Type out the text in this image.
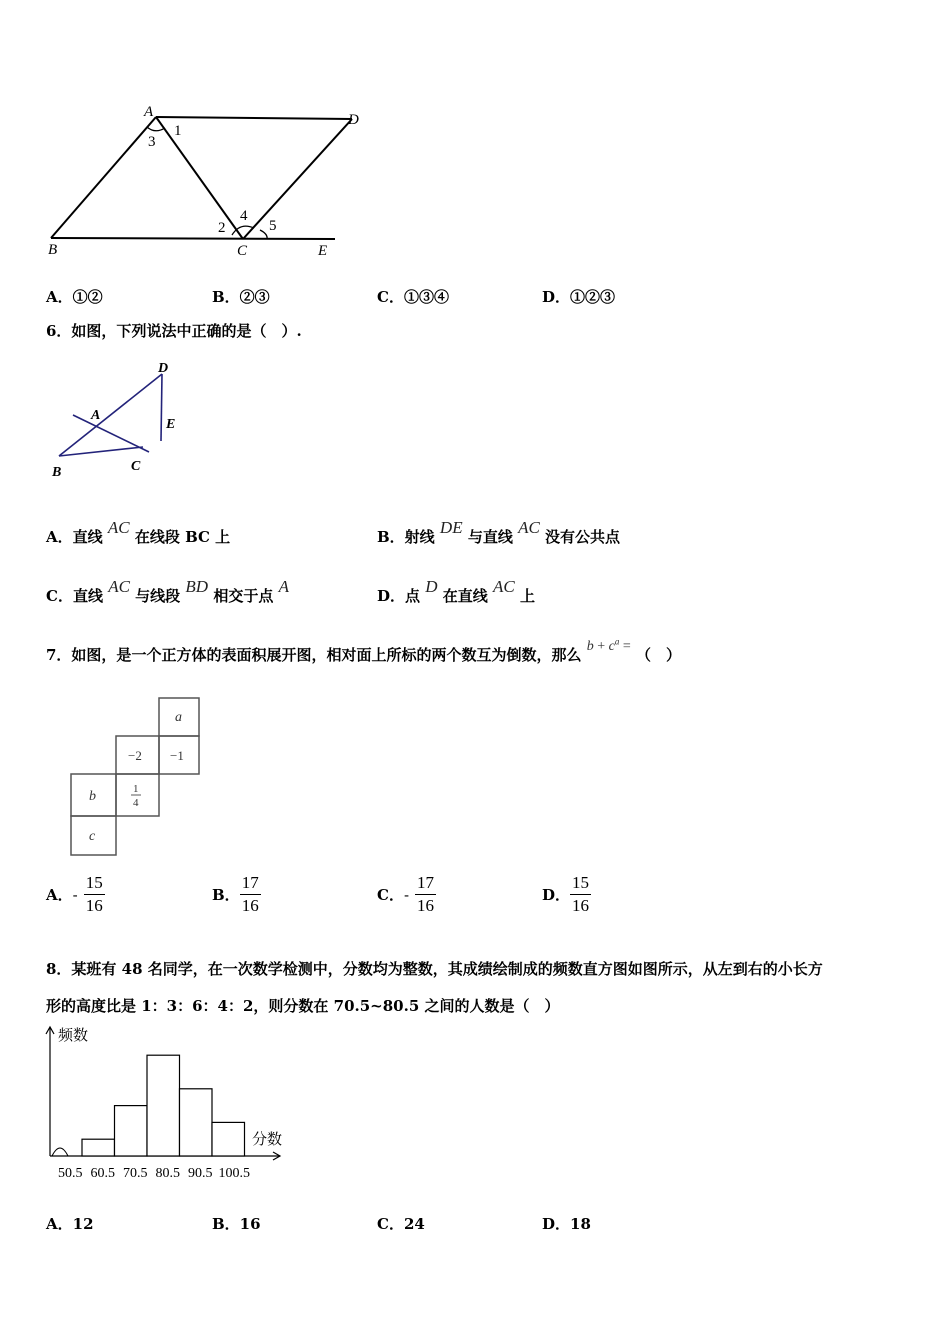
A	D
B	C	E
1
2
3
4
5
A．①②	B．②③	C．①③④	D．①②③
6．如图，下列说法中正确的是（　）.
D
A
E
B	C
A．直线 AC 在线段 BC 上	B．射线 DE 与直线 AC 没有公共点
C．直线 AC 与线段 BD 相交于点 A	D．点 D 在直线 AC 上
7．如图，是一个正方体的表面积展开图，相对面上所标的两个数互为倒数，那么 $b + c^a$ = （　）
a
−2 −1
b	1
4
c
A．- $\frac{15}{16}$	B． $\frac{17}{16}$	C．- $\frac{17}{16}$	D． $\frac{15}{16}$
8．某班有 48 名同学，在一次数学检测中，分数均为整数，其成绩绘制成的频数直方图如图所示，从左到右的小长方
形的高度比是 1：3：6：4：2，则分数在 70.5~80.5 之间的人数是（　）
频数
分数
50.5 60.5 70.5 80.5 90.5 100.5
A．12	B．16	C．24	D．18
